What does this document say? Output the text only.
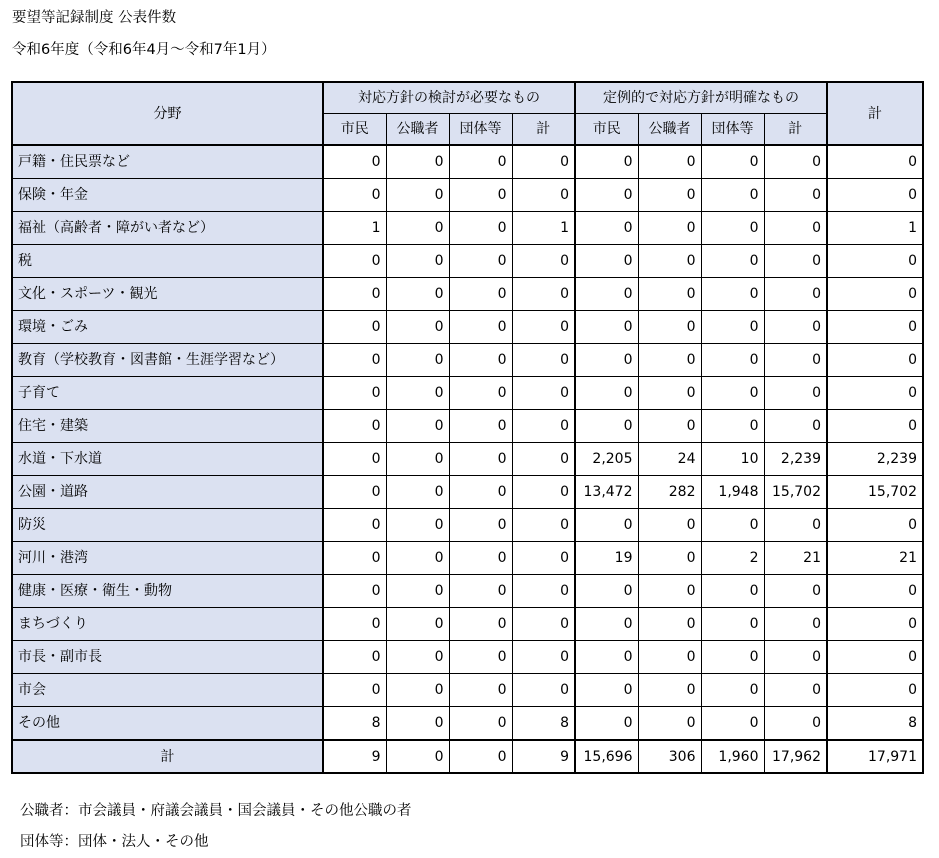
要望等記録制度 公表件数
令和6年度（令和6年4月～令和7年1月）
分野	対応方針の検討が必要なもの				定例的で対応方針が明確なもの				計
	市民	公職者	団体等	計	市民	公職者	団体等	計	
戸籍・住民票など	0	0	0	0	0	0	0	0	0
保険・年金	0	0	0	0	0	0	0	0	0
福祉（高齢者・障がい者など）	1	0	0	1	0	0	0	0	1
税	0	0	0	0	0	0	0	0	0
文化・スポーツ・観光	0	0	0	0	0	0	0	0	0
環境・ごみ	0	0	0	0	0	0	0	0	0
教育（学校教育・図書館・生涯学習など）	0	0	0	0	0	0	0	0	0
子育て	0	0	0	0	0	0	0	0	0
住宅・建築	0	0	0	0	0	0	0	0	0
水道・下水道	0	0	0	0	2,205	24	10	2,239	2,239
公園・道路	0	0	0	0	13,472	282	1,948	15,702	15,702
防災	0	0	0	0	0	0	0	0	0
河川・港湾	0	0	0	0	19	0	2	21	21
健康・医療・衛生・動物	0	0	0	0	0	0	0	0	0
まちづくり	0	0	0	0	0	0	0	0	0
市長・副市長	0	0	0	0	0	0	0	0	0
市会	0	0	0	0	0	0	0	0	0
その他	8	0	0	8	0	0	0	0	8
計	9	0	0	9	15,696	306	1,960	17,962	17,971
公職者：市会議員・府議会議員・国会議員・その他公職の者
団体等：団体・法人・その他
